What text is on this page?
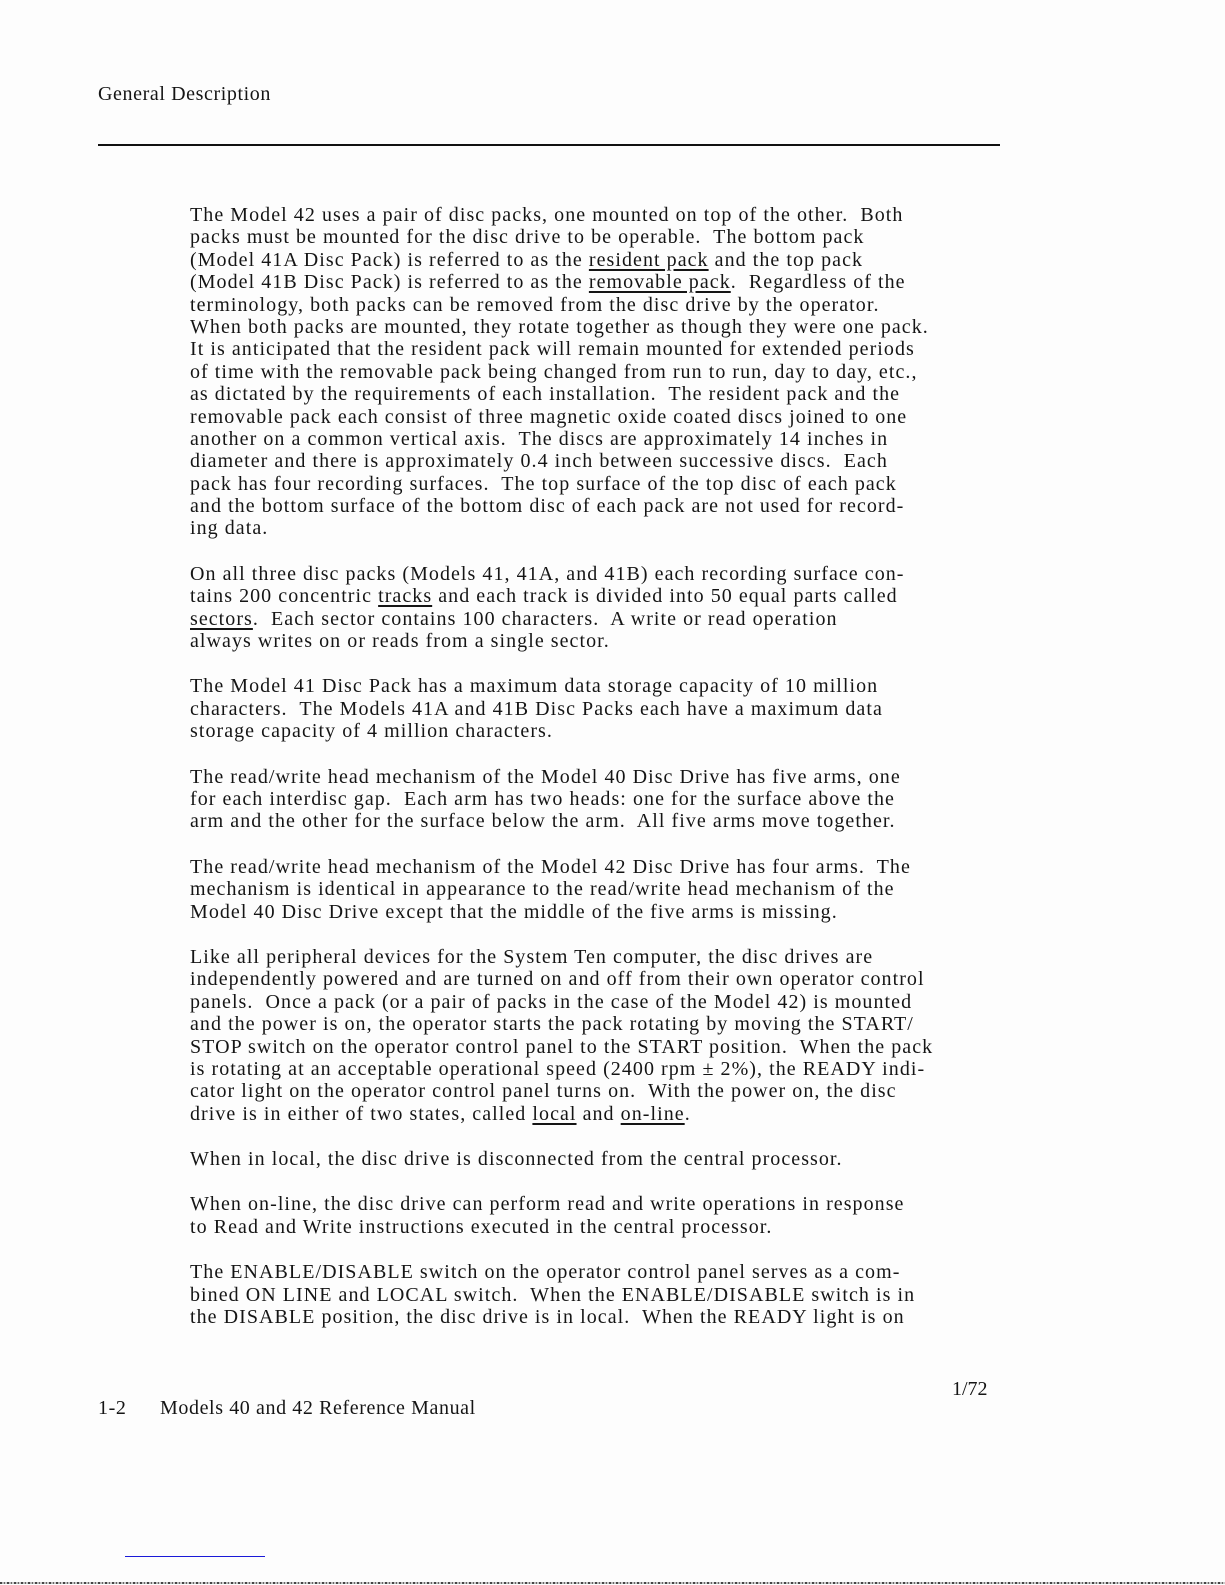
General Description
The Model 42 uses a pair of disc packs, one mounted on top of the other.  Both
packs must be mounted for the disc drive to be operable.  The bottom pack
(Model 41A Disc Pack) is referred to as the resident pack and the top pack
(Model 41B Disc Pack) is referred to as the removable pack.  Regardless of the
terminology, both packs can be removed from the disc drive by the operator.
When both packs are mounted, they rotate together as though they were one pack.
It is anticipated that the resident pack will remain mounted for extended periods
of time with the removable pack being changed from run to run, day to day, etc.,
as dictated by the requirements of each installation.  The resident pack and the
removable pack each consist of three magnetic oxide coated discs joined to one
another on a common vertical axis.  The discs are approximately 14 inches in
diameter and there is approximately 0.4 inch between successive discs.  Each
pack has four recording surfaces.  The top surface of the top disc of each pack
and the bottom surface of the bottom disc of each pack are not used for record-
ing data.
On all three disc packs (Models 41, 41A, and 41B) each recording surface con-
tains 200 concentric tracks and each track is divided into 50 equal parts called
sectors.  Each sector contains 100 characters.  A write or read operation
always writes on or reads from a single sector.
The Model 41 Disc Pack has a maximum data storage capacity of 10 million
characters.  The Models 41A and 41B Disc Packs each have a maximum data
storage capacity of 4 million characters.
The read/write head mechanism of the Model 40 Disc Drive has five arms, one
for each interdisc gap.  Each arm has two heads: one for the surface above the
arm and the other for the surface below the arm.  All five arms move together.
The read/write head mechanism of the Model 42 Disc Drive has four arms.  The
mechanism is identical in appearance to the read/write head mechanism of the
Model 40 Disc Drive except that the middle of the five arms is missing.
Like all peripheral devices for the System Ten computer, the disc drives are
independently powered and are turned on and off from their own operator control
panels.  Once a pack (or a pair of packs in the case of the Model 42) is mounted
and the power is on, the operator starts the pack rotating by moving the START/
STOP switch on the operator control panel to the START position.  When the pack
is rotating at an acceptable operational speed (2400 rpm ± 2%), the READY indi-
cator light on the operator control panel turns on.  With the power on, the disc
drive is in either of two states, called local and on-line.
When in local, the disc drive is disconnected from the central processor.
When on-line, the disc drive can perform read and write operations in response
to Read and Write instructions executed in the central processor.
The ENABLE/DISABLE switch on the operator control panel serves as a com-
bined ON LINE and LOCAL switch.  When the ENABLE/DISABLE switch is in
the DISABLE position, the disc drive is in local.  When the READY light is on
1/72
1-2 Models 40 and 42 Reference Manual
